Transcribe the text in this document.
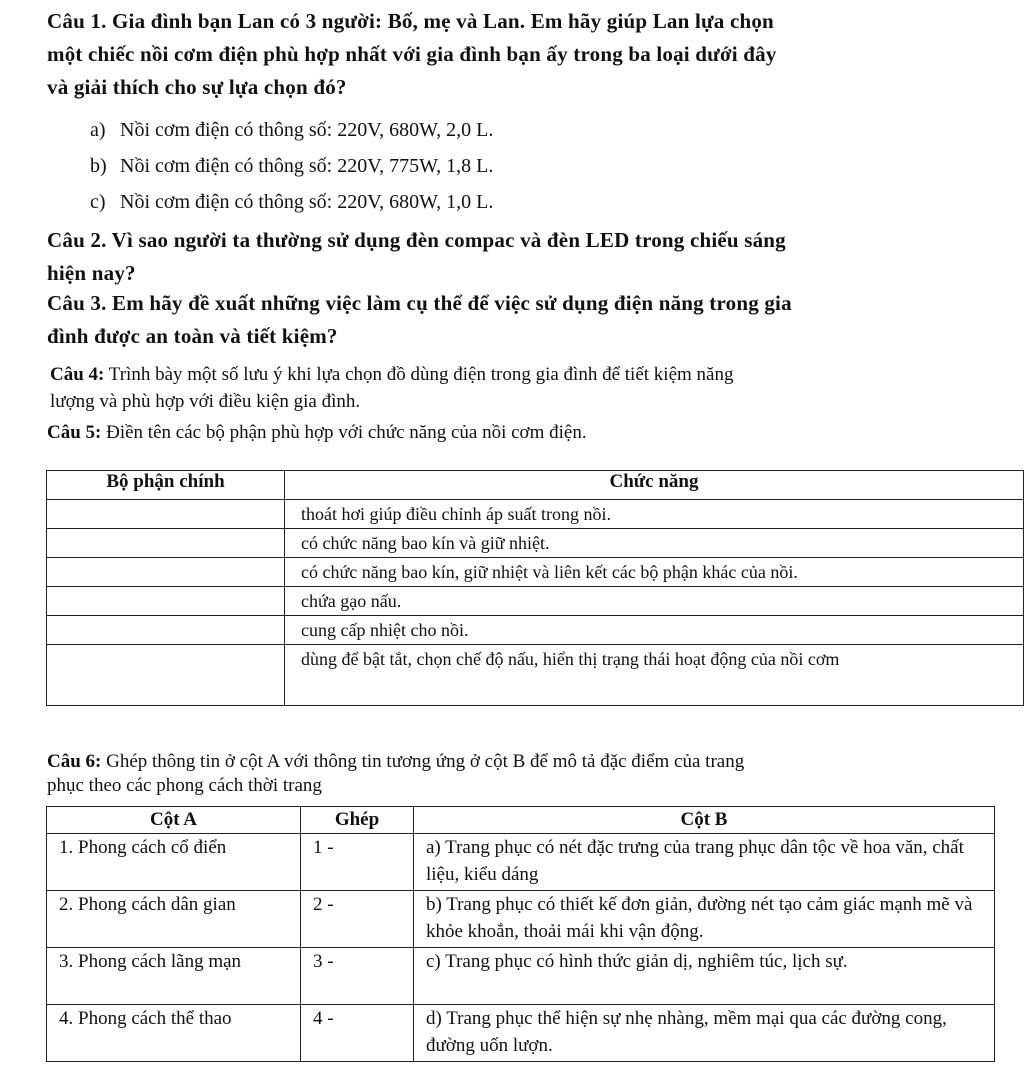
Câu 1. Gia đình bạn Lan có 3 người: Bố, mẹ và Lan. Em hãy giúp Lan lựa chọn
một chiếc nồi cơm điện phù hợp nhất với gia đình bạn ấy trong ba loại dưới đây
và giải thích cho sự lựa chọn đó?
a) Nồi cơm điện có thông số: 220V, 680W, 2,0 L.
b) Nồi cơm điện có thông số: 220V, 775W, 1,8 L.
c) Nồi cơm điện có thông số: 220V, 680W, 1,0 L.
Câu 2. Vì sao người ta thường sử dụng đèn compac và đèn LED trong chiếu sáng
hiện nay?
Câu 3. Em hãy đề xuất những việc làm cụ thể để việc sử dụng điện năng trong gia
đình được an toàn và tiết kiệm?
Câu 4: Trình bày một số lưu ý khi lựa chọn đồ dùng điện trong gia đình để tiết kiệm năng
lượng và phù hợp với điều kiện gia đình.
Câu 5: Điền tên các bộ phận phù hợp với chức năng của nồi cơm điện.
Bộ phận chính	Chức năng
	thoát hơi giúp điều chỉnh áp suất trong nồi.
	có chức năng bao kín và giữ nhiệt.
	có chức năng bao kín, giữ nhiệt và liên kết các bộ phận khác của nồi.
	chứa gạo nấu.
	cung cấp nhiệt cho nồi.
	dùng để bật tắt, chọn chế độ nấu, hiển thị trạng thái hoạt động của nồi cơm
Câu 6: Ghép thông tin ở cột A với thông tin tương ứng ở cột B để mô tả đặc điểm của trang
phục theo các phong cách thời trang
Cột A	Ghép	Cột B
1. Phong cách cổ điển	1 -	a) Trang phục có nét đặc trưng của trang phục dân tộc về hoa văn, chất liệu, kiểu dáng
2. Phong cách dân gian	2 -	b) Trang phục có thiết kế đơn giản, đường nét tạo cảm giác mạnh mẽ và khỏe khoắn, thoải mái khi vận động.
3. Phong cách lãng mạn	3 -	c) Trang phục có hình thức giản dị, nghiêm túc, lịch sự.
4. Phong cách thể thao	4 -	d) Trang phục thể hiện sự nhẹ nhàng, mềm mại qua các đường cong, đường uốn lượn.
